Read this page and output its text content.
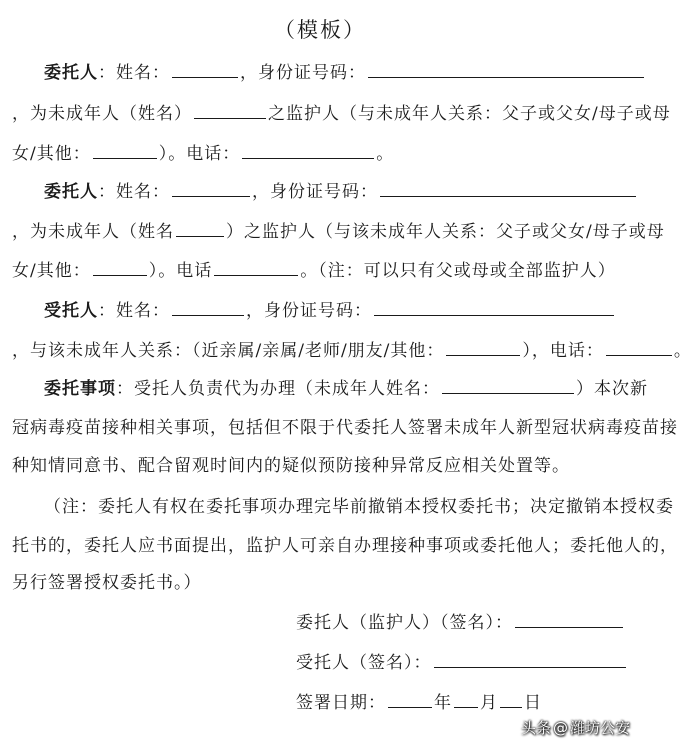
（模板）
委托人：姓名：	，身份证号码：
，为未成年人（姓名）	之监护人（与未成年人关系：父子或父女/母子或母
女/其他：	）。电话：	。
委托人：姓名：	，身份证号码：
，为未成年人（姓名	）之监护人（与该未成年人关系：父子或父女/母子或母
女/其他：	）。电话	。（注：可以只有父或母或全部监护人）
受托人：姓名：	，身份证号码：
，与该未成年人关系：（近亲属/亲属/老师/朋友/其他：	），电话：	。
委托事项：受托人负责代为办理（未成年人姓名：	）本次新
冠病毒疫苗接种相关事项，包括但不限于代委托人签署未成年人新型冠状病毒疫苗接
种知情同意书、配合留观时间内的疑似预防接种异常反应相关处置等。
（注：委托人有权在委托事项办理完毕前撤销本授权委托书；决定撤销本授权委
托书的，委托人应书面提出，监护人可亲自办理接种事项或委托他人；委托他人的，
另行签署授权委托书。）
委托人（监护人）（签名）：
受托人（签名）：
签署日期：	年 月 日
头条 @ 潍坊公安
